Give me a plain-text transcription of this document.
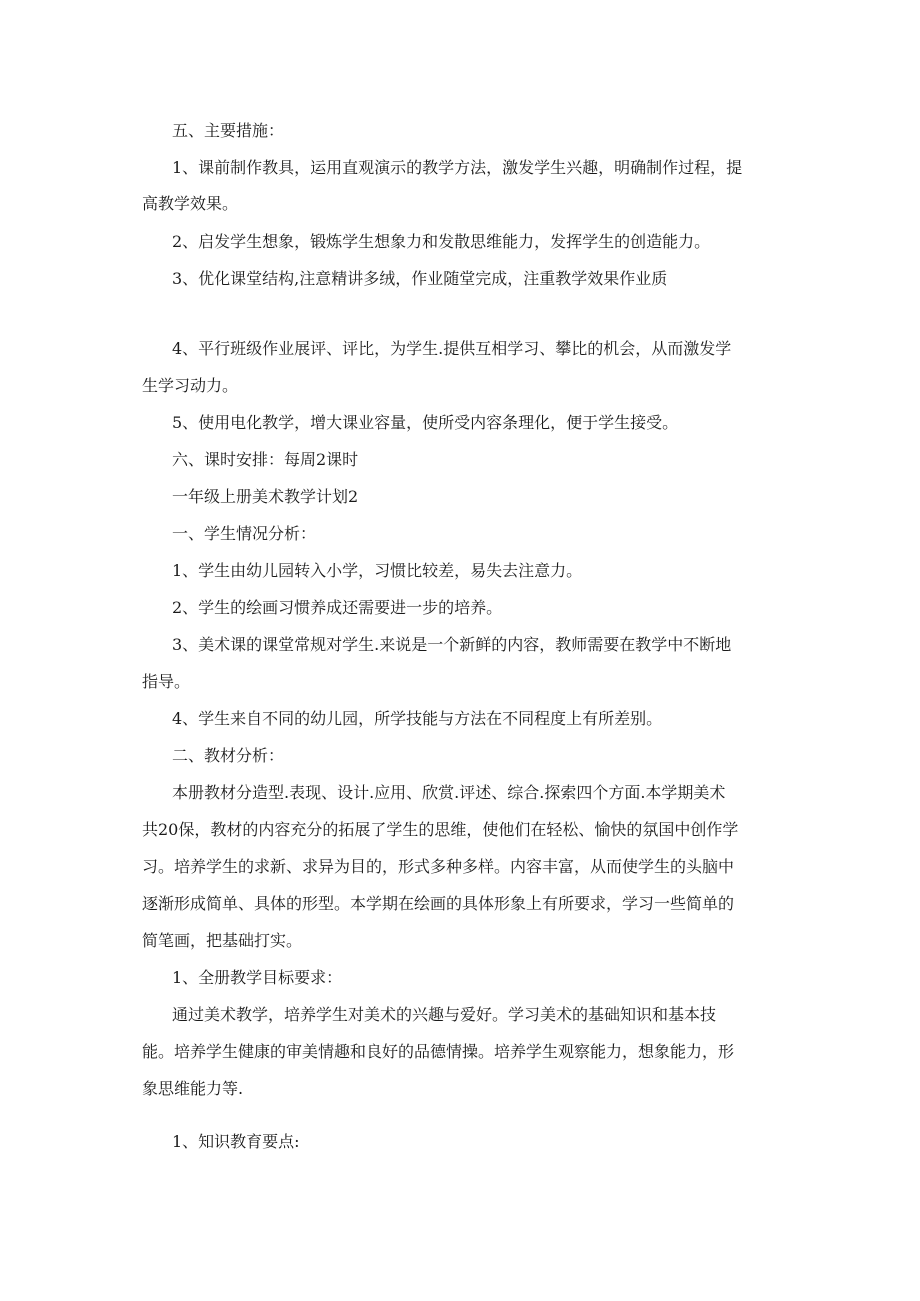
五、主要措施：
1、课前制作教具，运用直观演示的教学方法，激发学生兴趣，明确制作过程，提
高教学效果。
2、启发学生想象，锻炼学生想象力和发散思维能力，发挥学生的创造能力。
3、优化课堂结构,注意精讲多绒，作业随堂完成，注重教学效果作业质
4、平行班级作业展评、评比，为学生.提供互相学习、攀比的机会，从而激发学
生学习动力。
5、使用电化教学，增大课业容量，使所受内容条理化，便于学生接受。
六、课时安排：每周2课时
一年级上册美术教学计划2
一、学生情况分析：
1、学生由幼儿园转入小学，习惯比较差，易失去注意力。
2、学生的绘画习惯养成还需要进一步的培养。
3、美术课的课堂常规对学生.来说是一个新鲜的内容，教师需要在教学中不断地
指导。
4、学生来自不同的幼儿园，所学技能与方法在不同程度上有所差别。
二、教材分析：
本册教材分造型.表现、设计.应用、欣赏.评述、综合.探索四个方面.本学期美术
共20保，教材的内容充分的拓展了学生的思维，使他们在轻松、愉快的氛国中创作学
习。培养学生的求新、求异为目的，形式多种多样。内容丰富，从而使学生的头脑中
逐渐形成简单、具体的形型。本学期在绘画的具体形象上有所要求，学习一些简单的
简笔画，把基础打实。
1、全册教学目标要求：
通过美术教学，培养学生对美术的兴趣与爱好。学习美术的基础知识和基本技
能。培养学生健康的审美情趣和良好的品德情操。培养学生观察能力，想象能力，形
象思维能力等.
1、知识教育要点:
